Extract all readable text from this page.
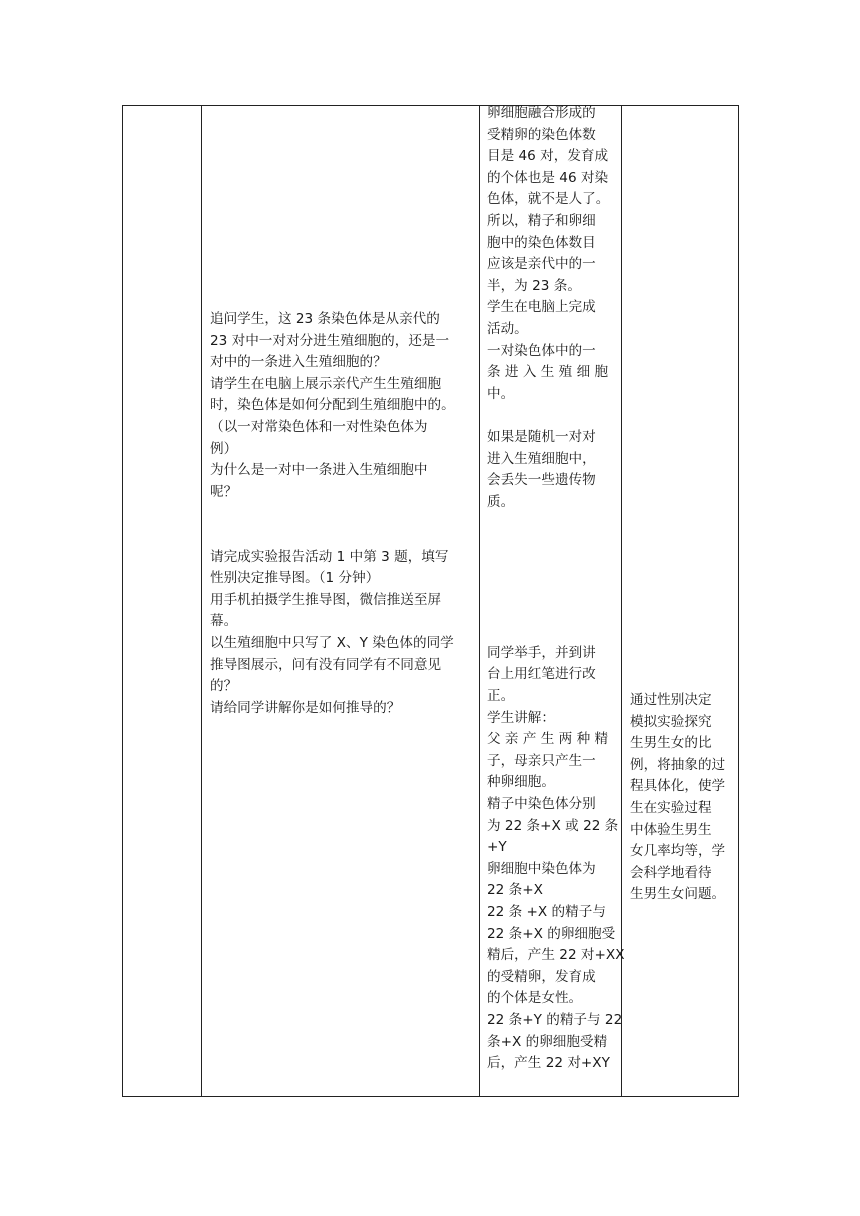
追问学生，这 23 条染色体是从亲代的
23 对中一对对分进生殖细胞的，还是一
对中的一条进入生殖细胞的？
请学生在电脑上展示亲代产生生殖细胞
时，染色体是如何分配到生殖细胞中的。
（以一对常染色体和一对性染色体为
例）
为什么是一对中一条进入生殖细胞中
呢？

请完成实验报告活动 1 中第 3 题，填写
性别决定推导图。（1 分钟）
用手机拍摄学生推导图，微信推送至屏
幕。
以生殖细胞中只写了 X、Y 染色体的同学
推导图展示，问有没有同学有不同意见
的？
请给同学讲解你是如何推导的？
卵细胞融合形成的
受精卵的染色体数
目是 46 对，发育成
的个体也是 46 对染
色体，就不是人了。
所以，精子和卵细
胞中的染色体数目
应该是亲代中的一
半，为 23 条。
学生在电脑上完成
活动。
一对染色体中的一
条 进 入 生 殖 细 胞
中。

如果是随机一对对
进入生殖细胞中，
会丢失一些遗传物
质。

同学举手，并到讲
台上用红笔进行改
正。
学生讲解：
父 亲 产 生 两 种 精
子，母亲只产生一
种卵细胞。
精子中染色体分别
为 22 条+X 或 22 条
+Y
卵细胞中染色体为
22 条+X
22 条 +X 的精子与
22 条+X 的卵细胞受
精后，产生 22 对+XX
的受精卵，发育成
的个体是女性。
22 条+Y 的精子与 22
条+X 的卵细胞受精
后，产生 22 对+XY
通过性别决定
模拟实验探究
生男生女的比
例，将抽象的过
程具体化，使学
生在实验过程
中体验生男生
女几率均等，学
会科学地看待
生男生女问题。
